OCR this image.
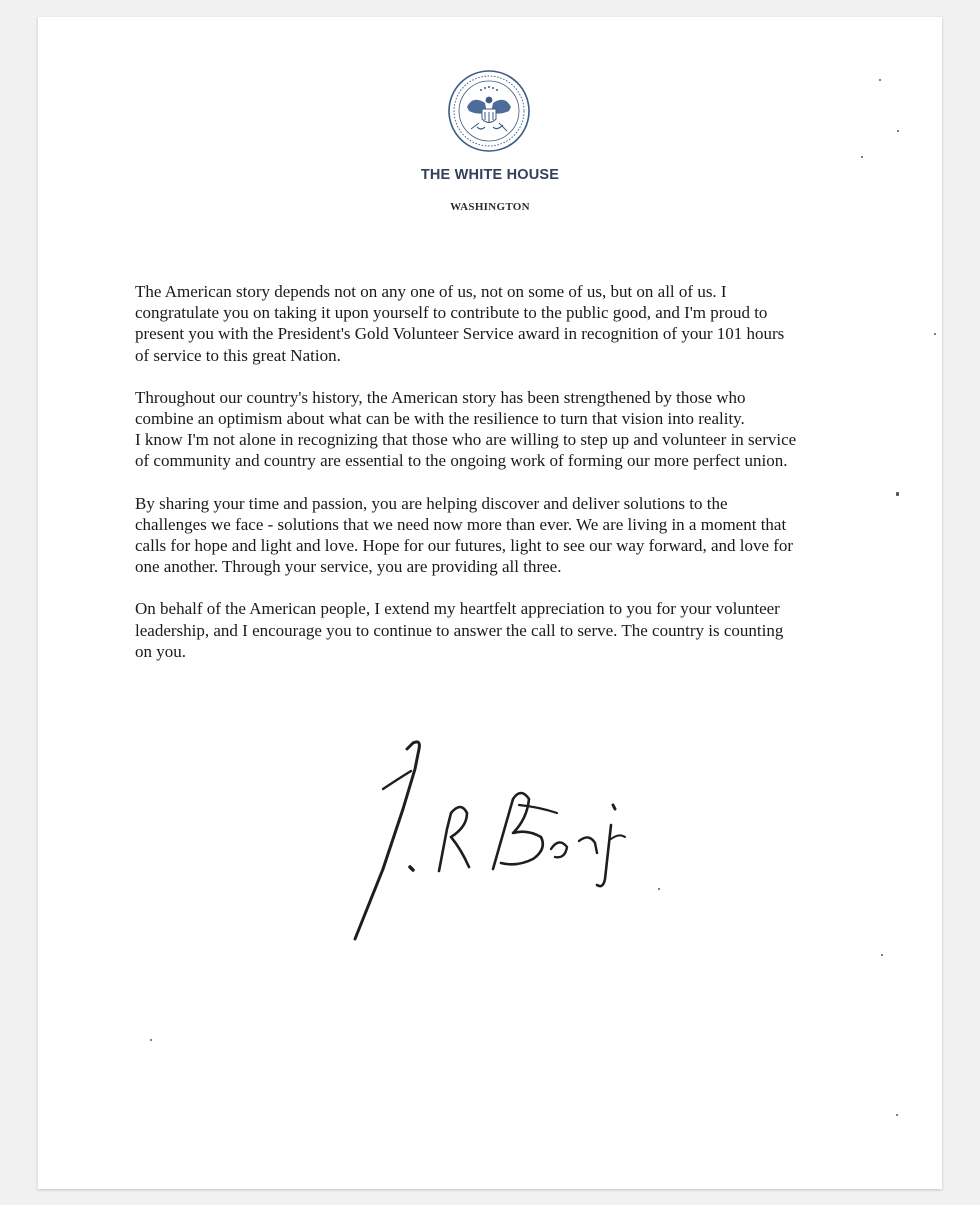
THE WHITE HOUSE
WASHINGTON

The American story depends not on any one of us, not on some of us, but on all of us. I
congratulate you on taking it upon yourself to contribute to the public good, and I'm proud to
present you with the President's Gold Volunteer Service award in recognition of your 101 hours
of service to this great Nation.

Throughout our country's history, the American story has been strengthened by those who
combine an optimism about what can be with the resilience to turn that vision into reality.
I know I'm not alone in recognizing that those who are willing to step up and volunteer in service
of community and country are essential to the ongoing work of forming our more perfect union.

By sharing your time and passion, you are helping discover and deliver solutions to the
challenges we face - solutions that we need now more than ever. We are living in a moment that
calls for hope and light and love. Hope for our futures, light to see our way forward, and love for
one another. Through your service, you are providing all three.

On behalf of the American people, I extend my heartfelt appreciation to you for your volunteer
leadership, and I encourage you to continue to answer the call to serve. The country is counting
on you.
